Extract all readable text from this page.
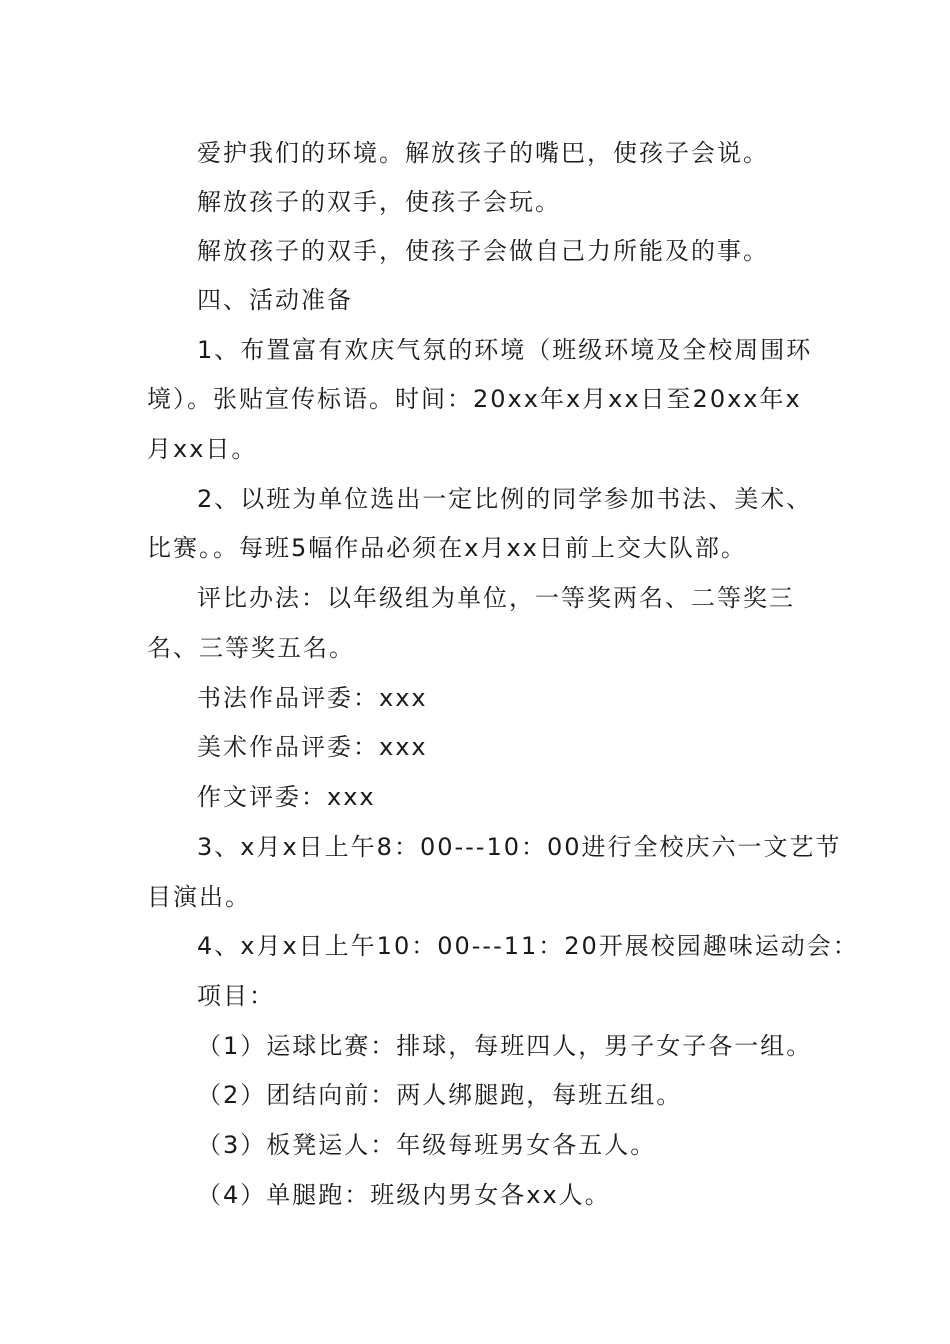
爱护我们的环境。解放孩子的嘴巴，使孩子会说。
解放孩子的双手，使孩子会玩。
解放孩子的双手，使孩子会做自己力所能及的事。
四、活动准备
1、布置富有欢庆气氛的环境（班级环境及全校周围环
境）。张贴宣传标语。时间：20xx年x月xx日至20xx年x
月xx日。
2、以班为单位选出一定比例的同学参加书法、美术、
比赛。。每班5幅作品必须在x月xx日前上交大队部。
评比办法：以年级组为单位，一等奖两名、二等奖三
名、三等奖五名。
书法作品评委：xxx
美术作品评委：xxx
作文评委：xxx
3、x月x日上午8：00---10：00进行全校庆六一文艺节
目演出。
4、x月x日上午10：00---11：20开展校园趣味运动会：
项目：
（1）运球比赛：排球，每班四人，男子女子各一组。
（2）团结向前：两人绑腿跑，每班五组。
（3）板凳运人：年级每班男女各五人。
（4）单腿跑：班级内男女各xx人。
